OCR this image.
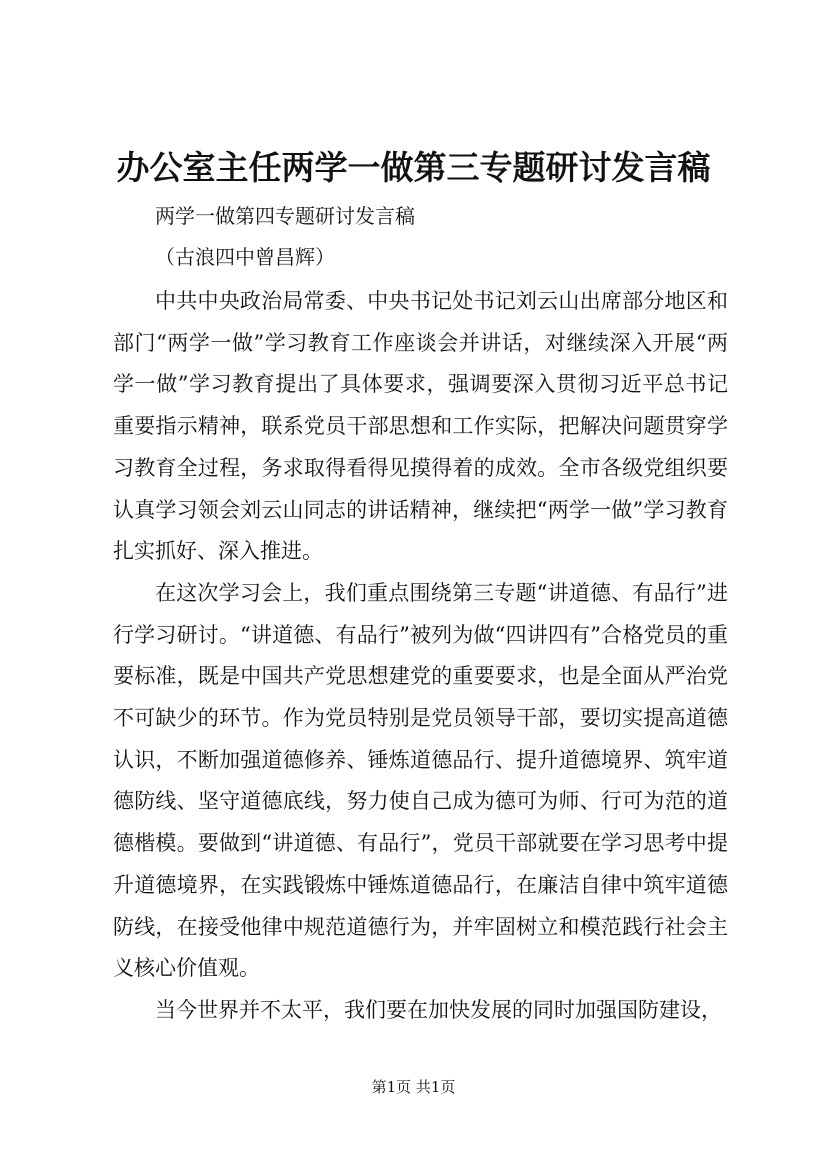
办公室主任两学一做第三专题研讨发言稿
两学一做第四专题研讨发言稿
（古浪四中曾昌辉）

中共中央政治局常委、中央书记处书记刘云山出席部分地区和部门“两学一做”学习教育工作座谈会并讲话，对继续深入开展“两学一做”学习教育提出了具体要求，强调要深入贯彻习近平总书记重要指示精神，联系党员干部思想和工作实际，把解决问题贯穿学习教育全过程，务求取得看得见摸得着的成效。全市各级党组织要认真学习领会刘云山同志的讲话精神，继续把“两学一做”学习教育扎实抓好、深入推进。

在这次学习会上，我们重点围绕第三专题“讲道德、有品行”进行学习研讨。“讲道德、有品行”被列为做“四讲四有”合格党员的重要标准，既是中国共产党思想建党的重要要求，也是全面从严治党不可缺少的环节。作为党员特别是党员领导干部，要切实提高道德认识，不断加强道德修养、锤炼道德品行、提升道德境界、筑牢道德防线、坚守道德底线，努力使自己成为德可为师、行可为范的道德楷模。要做到“讲道德、有品行”，党员干部就要在学习思考中提升道德境界，在实践锻炼中锤炼道德品行，在廉洁自律中筑牢道德防线，在接受他律中规范道德行为，并牢固树立和模范践行社会主义核心价值观。

当今世界并不太平，我们要在加快发展的同时加强国防建设，

第1页 共1页
